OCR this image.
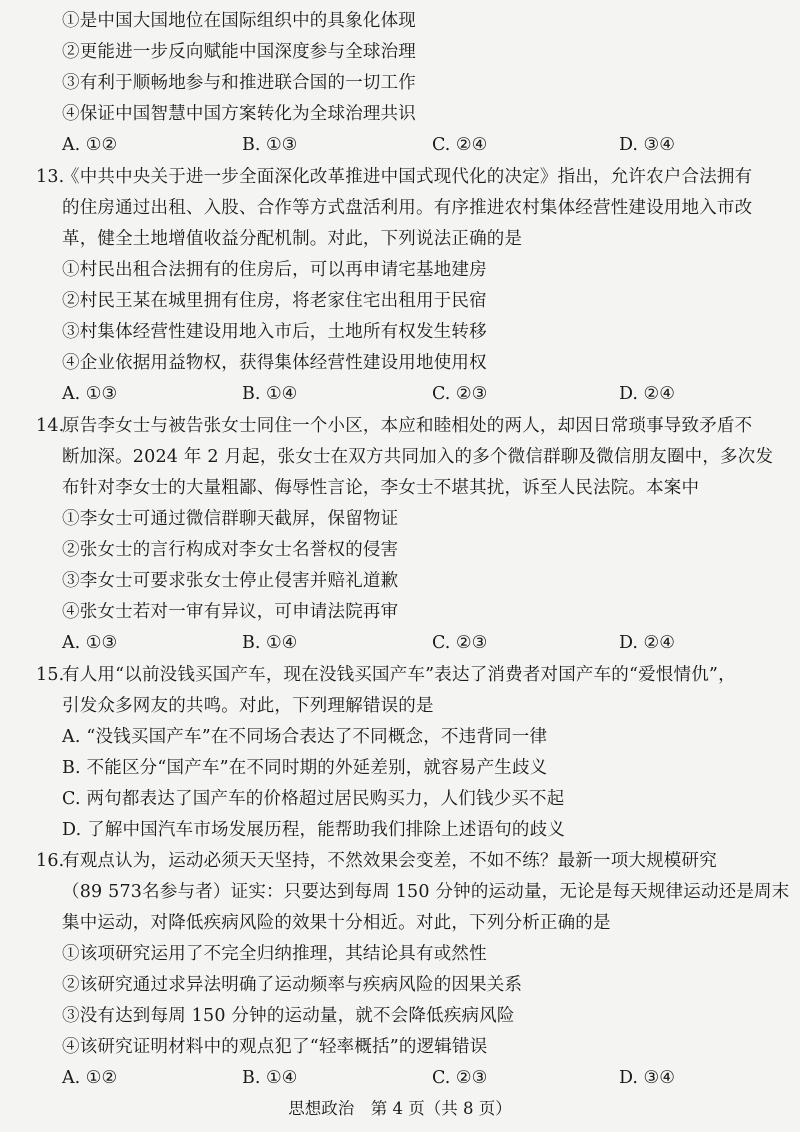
①是中国大国地位在国际组织中的具象化体现
②更能进一步反向赋能中国深度参与全球治理
③有利于顺畅地参与和推进联合国的一切工作
④保证中国智慧中国方案转化为全球治理共识
A. ①②	B. ①③	C. ②④	D. ③④
13.《中共中央关于进一步全面深化改革推进中国式现代化的决定》指出，允许农户合法拥有
的住房通过出租、入股、合作等方式盘活利用。有序推进农村集体经营性建设用地入市改
革，健全土地增值收益分配机制。对此，下列说法正确的是
①村民出租合法拥有的住房后，可以再申请宅基地建房
②村民王某在城里拥有住房，将老家住宅出租用于民宿
③村集体经营性建设用地入市后，土地所有权发生转移
④企业依据用益物权，获得集体经营性建设用地使用权
A. ①③	B. ①④	C. ②③	D. ②④
14.原告李女士与被告张女士同住一个小区，本应和睦相处的两人，却因日常琐事导致矛盾不
断加深。2024 年 2 月起，张女士在双方共同加入的多个微信群聊及微信朋友圈中，多次发
布针对李女士的大量粗鄙、侮辱性言论，李女士不堪其扰，诉至人民法院。本案中
①李女士可通过微信群聊天截屏，保留物证
②张女士的言行构成对李女士名誉权的侵害
③李女士可要求张女士停止侵害并赔礼道歉
④张女士若对一审有异议，可申请法院再审
A. ①③	B. ①④	C. ②③	D. ②④
15.有人用“以前没钱买国产车，现在没钱买国产车”表达了消费者对国产车的“爱恨情仇”，
引发众多网友的共鸣。对此，下列理解错误的是
A. “没钱买国产车”在不同场合表达了不同概念，不违背同一律
B. 不能区分“国产车”在不同时期的外延差别，就容易产生歧义
C. 两句都表达了国产车的价格超过居民购买力，人们钱少买不起
D. 了解中国汽车市场发展历程，能帮助我们排除上述语句的歧义
16.有观点认为，运动必须天天坚持，不然效果会变差，不如不练？最新一项大规模研究
（89 573名参与者）证实：只要达到每周 150 分钟的运动量，无论是每天规律运动还是周末
集中运动，对降低疾病风险的效果十分相近。对此，下列分析正确的是
①该项研究运用了不完全归纳推理，其结论具有或然性
②该研究通过求异法明确了运动频率与疾病风险的因果关系
③没有达到每周 150 分钟的运动量，就不会降低疾病风险
④该研究证明材料中的观点犯了“轻率概括”的逻辑错误
A. ①②	B. ①④	C. ②③	D. ③④
思想政治　第 4 页（共 8 页）
